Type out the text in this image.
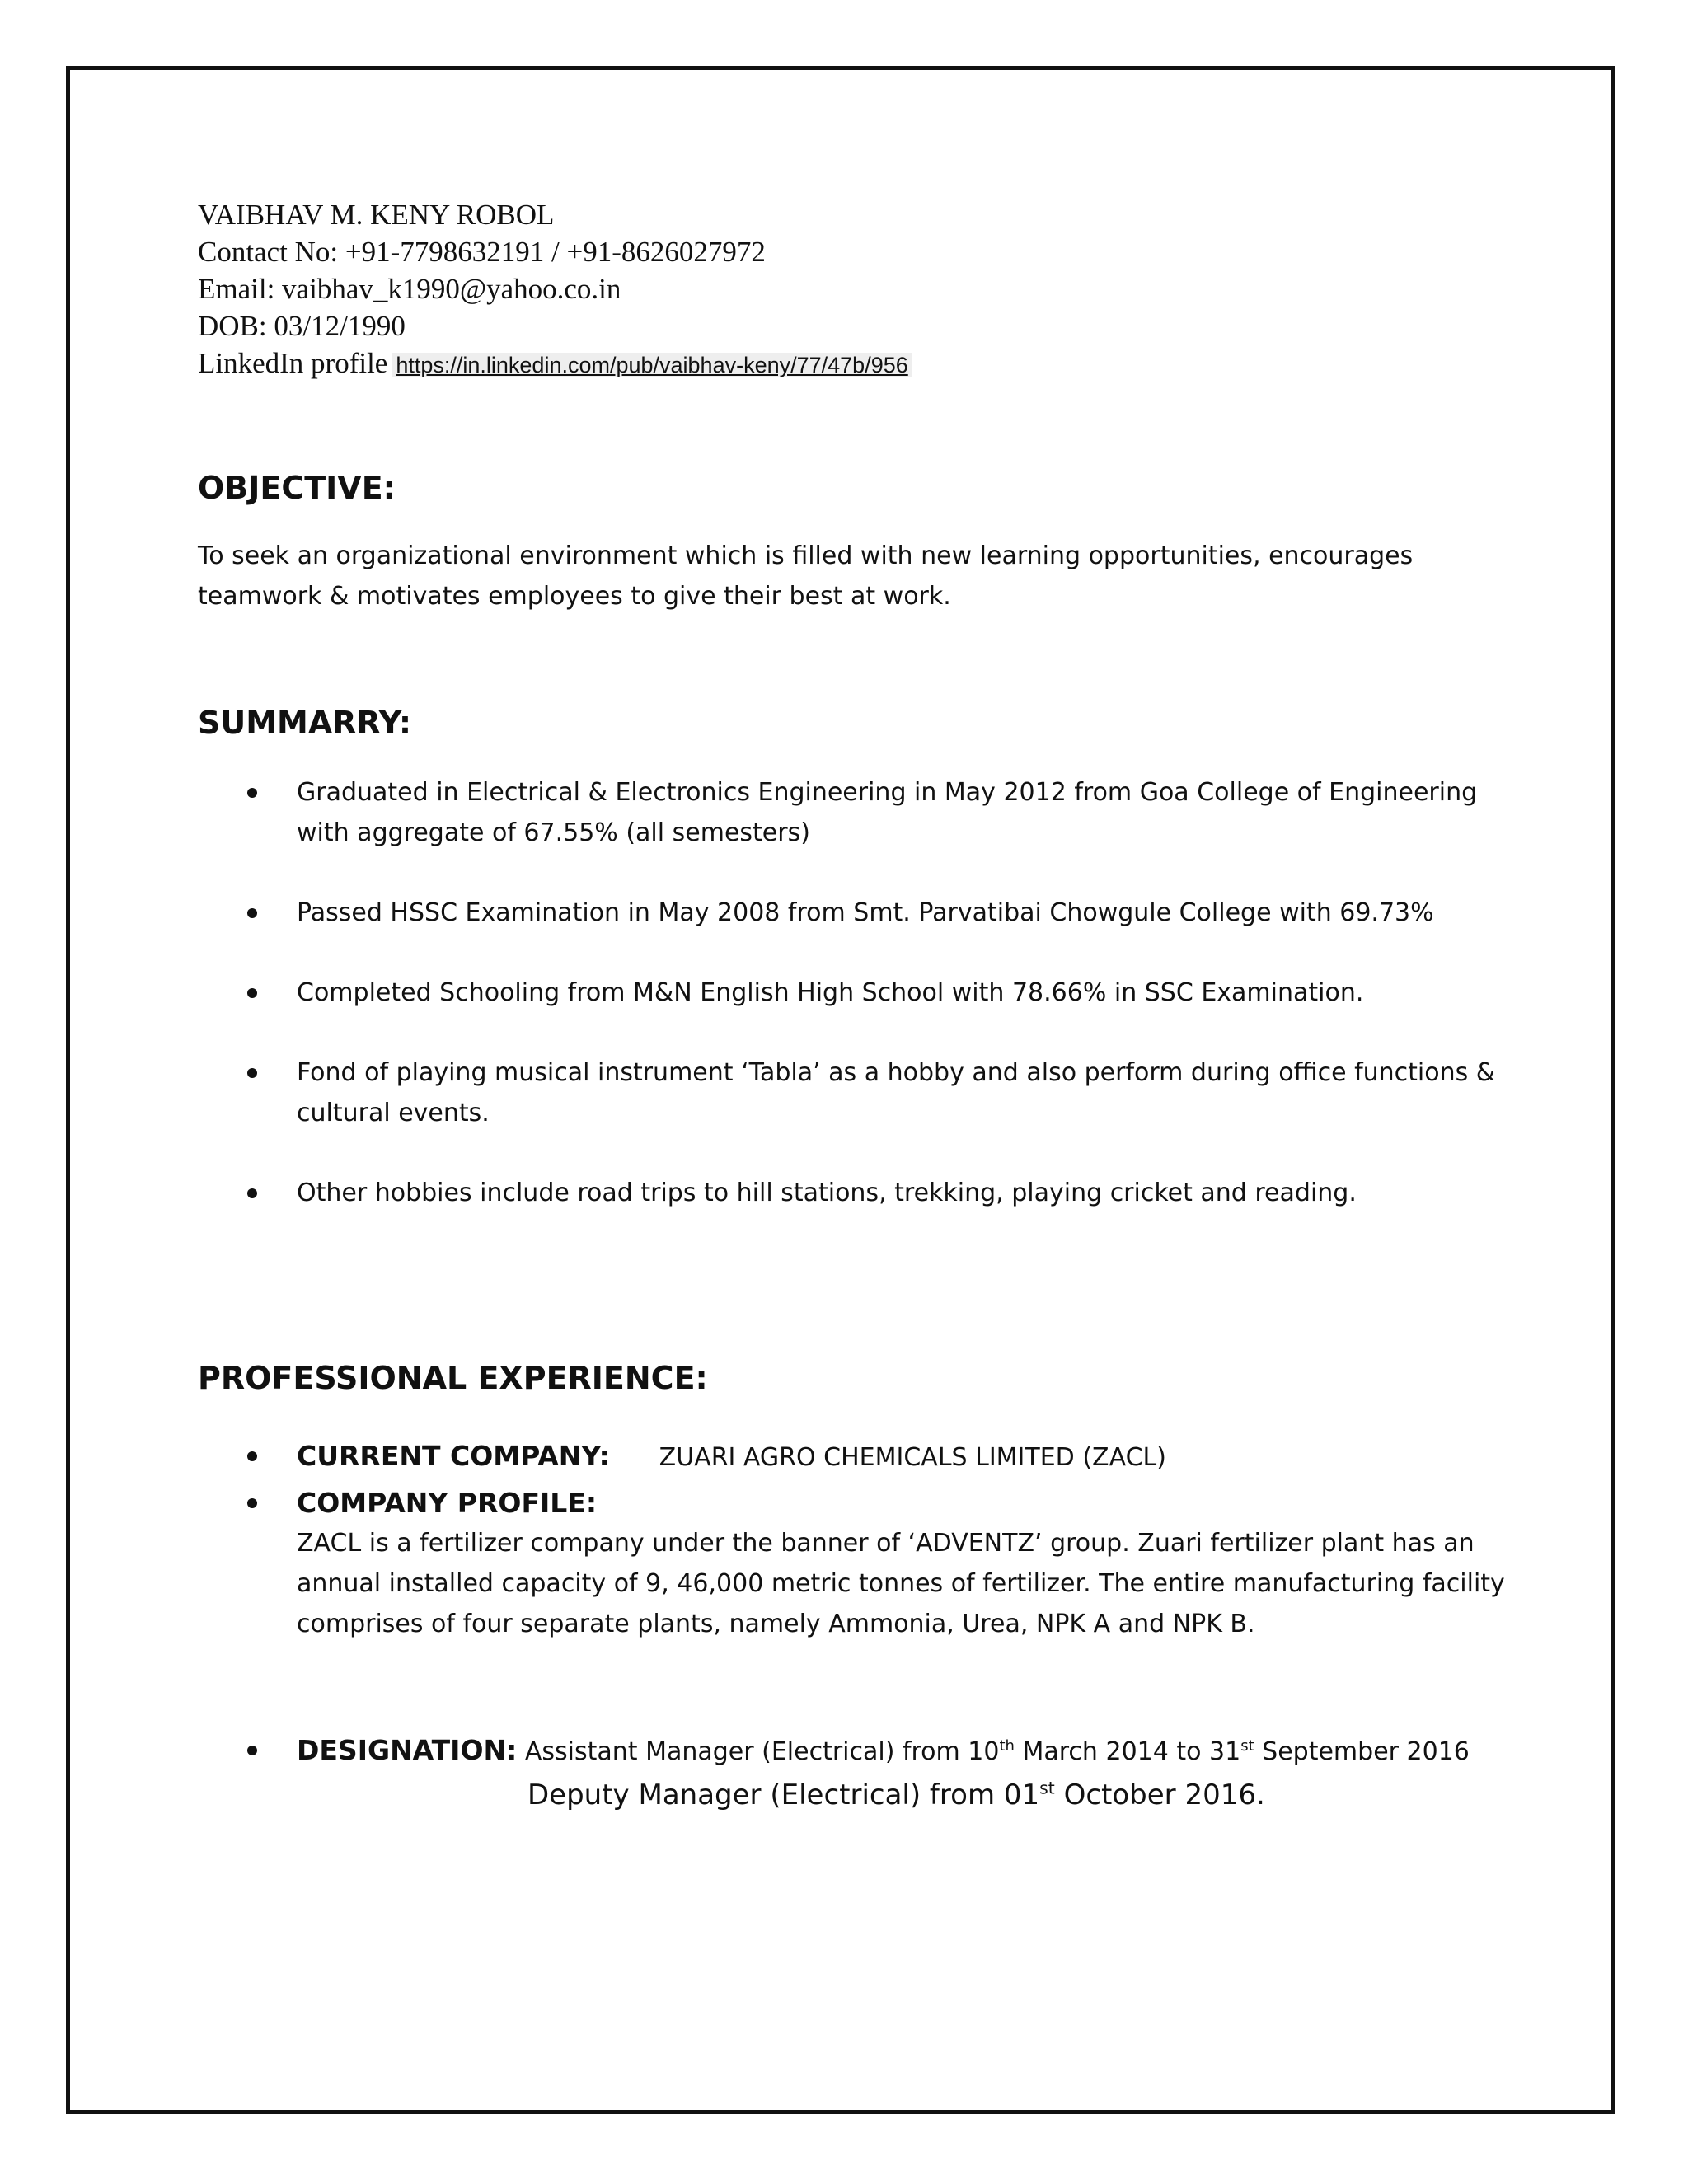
VAIBHAV M. KENY ROBOL
Contact No: +91-7798632191 / +91-8626027972
Email: vaibhav_k1990@yahoo.co.in
DOB: 03/12/1990
LinkedIn profile https://in.linkedin.com/pub/vaibhav-keny/77/47b/956
OBJECTIVE:

To seek an organizational environment which is filled with new learning opportunities, encourages teamwork & motivates employees to give their best at work.

SUMMARRY:
Graduated in Electrical & Electronics Engineering in May 2012 from Goa College of Engineering with aggregate of 67.55% (all semesters)
Passed HSSC Examination in May 2008 from Smt. Parvatibai Chowgule College with 69.73%
Completed Schooling from M&N English High School with 78.66% in SSC Examination.
Fond of playing musical instrument ‘Tabla’ as a hobby and also perform during office functions & cultural events.
Other hobbies include road trips to hill stations, trekking, playing cricket and reading.
PROFESSIONAL EXPERIENCE:
CURRENT COMPANY: ZUARI AGRO CHEMICALS LIMITED (ZACL)
COMPANY PROFILE:
ZACL is a fertilizer company under the banner of ‘ADVENTZ’ group. Zuari fertilizer plant has an annual installed capacity of 9, 46,000 metric tonnes of fertilizer. The entire manufacturing facility comprises of four separate plants, namely Ammonia, Urea, NPK A and NPK B.
DESIGNATION: Assistant Manager (Electrical) from 10th March 2014 to 31st September 2016
Deputy Manager (Electrical) from 01st October 2016.
